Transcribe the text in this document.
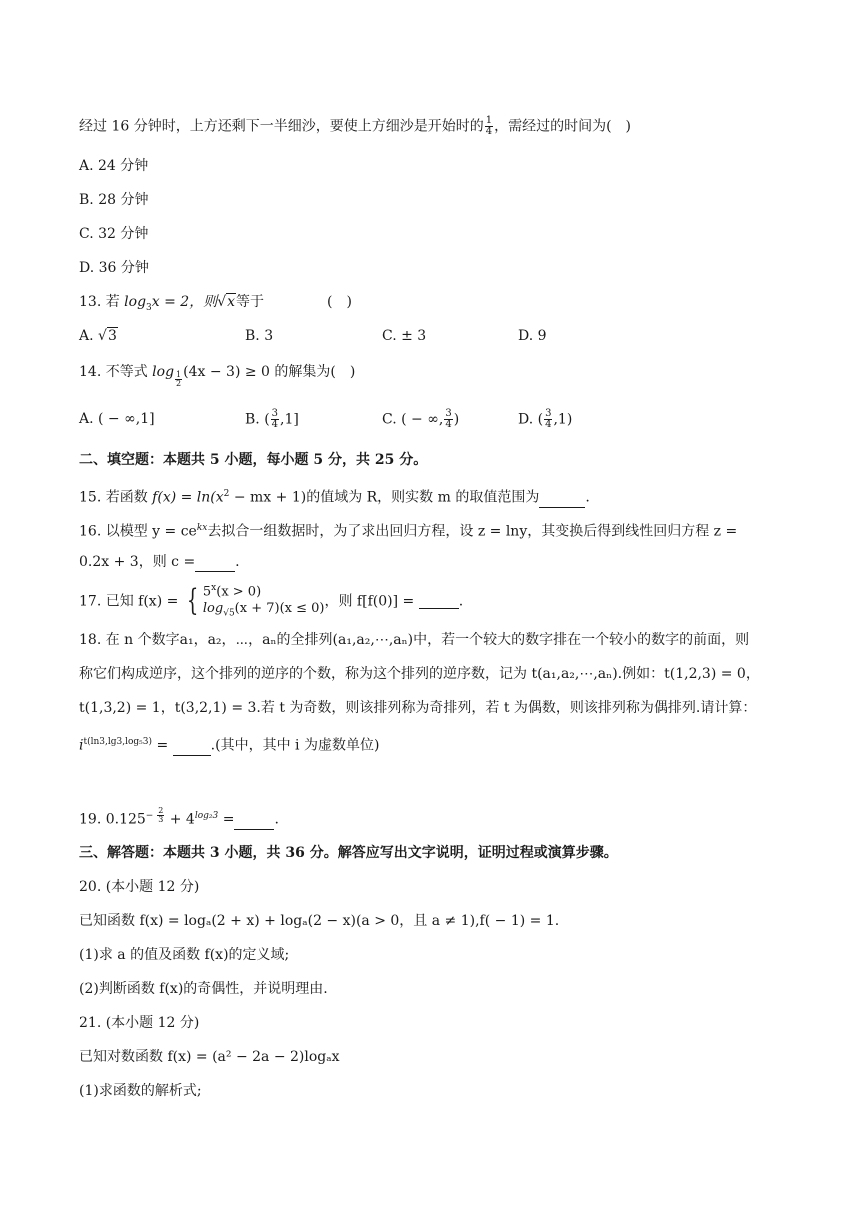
经过 16 分钟时，上方还剩下一半细沙，要使上方细沙是开始时的 $\frac{1}{4}$ ，需经过的时间为(　)
A. 24 分钟
B. 28 分钟
C. 32 分钟
D. 36 分钟
13. 若 $\log_3x = 2$，则√x等于	(　)
A. √3	B. 3	C. ± 3	D. 9
14. 不等式 $\log \frac{1}{2} (4x - 3) \ge 0$ 的解集为(　)
A. ( − ∞,1]	B. ( $\frac{3}{4} ,1$]	C. ( − ∞, $\frac{3}{4}$ )	D. ( $\frac{3}{4} ,1$)
二、填空题：本题共 5 小题，每小题 5 分，共 25 分。
15. 若函数 $f(x) = \ln(x^2$ − mx + 1)的值域为 R，则实数 m 的取值范围为	.
16. 以模型 $y = ce^{kx}$去拟合一组数据时，为了求出回归方程，设 z = lny，其变换后得到线性回归方程 z =
0.2x + 3，则 c =	.
17. 已知 f(x) = { $5^x(x > 0)$
$\log_{√5}(x + 7)(x \le 0)$ ，则 f[f(0)] =	.
18. 在 n 个数字a₁，a₂，⋯，aₙ的全排列(a₁,a₂,⋯,aₙ)中，若一个较大的数字排在一个较小的数字的前面，则
称它们构成逆序，这个排列的逆序的个数，称为这个排列的逆序数，记为 t(a₁,a₂,⋯,aₙ).例如：t(1,2,3) = 0，
t(1,3,2) = 1，t(3,2,1) = 3.若 t 为奇数，则该排列称为奇排列，若 t 为偶数，则该排列称为偶排列.请计算：
$i^{t(ln3,lg3,log_53)}$ =	.(其中，其中 i 为虚数单位)
19. $0.125^{- \frac{2}{3}} + 4^{log_23}$ =	.
三、解答题：本题共 3 小题，共 36 分。解答应写出文字说明，证明过程或演算步骤。
20. (本小题 12 分)
已知函数 f(x) = logₐ(2 + x) + logₐ(2 − x)(a > 0，且 a ≠ 1),f( − 1) = 1.
(1)求 a 的值及函数 f(x)的定义域;
(2)判断函数 f(x)的奇偶性，并说明理由.
21. (本小题 12 分)
已知对数函数 f(x) = (a² − 2a − 2)logₐx
(1)求函数的解析式;
